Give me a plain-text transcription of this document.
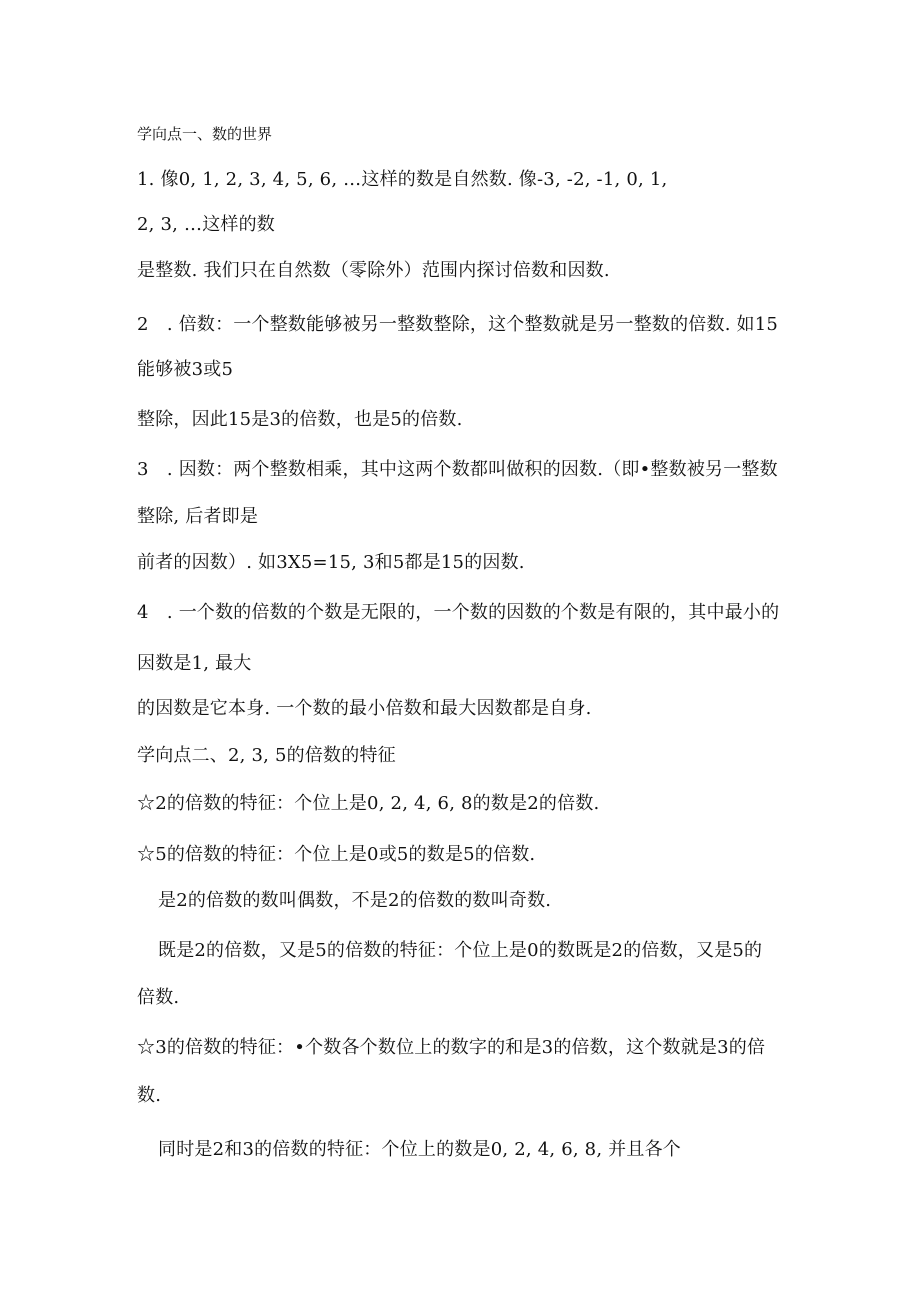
学向点一、数的世界
1. 像0, 1, 2, 3, 4, 5, 6, …这样的数是自然数. 像-3, -2, -1, 0, 1,
2, 3, …这样的数
是整数. 我们只在自然数（零除外）范围内探讨倍数和因数.
2　. 倍数：一个整数能够被另一整数整除，这个整数就是另一整数的倍数. 如15
能够被3或5
整除，因此15是3的倍数，也是5的倍数.
3　. 因数：两个整数相乘，其中这两个数都叫做积的因数.（即•整数被另一整数
整除, 后者即是
前者的因数）. 如3X5=15, 3和5都是15的因数.
4　. 一个数的倍数的个数是无限的，一个数的因数的个数是有限的，其中最小的
因数是1, 最大
的因数是它本身. 一个数的最小倍数和最大因数都是自身.
学向点二、2, 3, 5的倍数的特征
☆2的倍数的特征：个位上是0, 2, 4, 6, 8的数是2的倍数.
☆5的倍数的特征：个位上是0或5的数是5的倍数.
是2的倍数的数叫偶数，不是2的倍数的数叫奇数.
既是2的倍数，又是5的倍数的特征：个位上是0的数既是2的倍数，又是5的
倍数.
☆3的倍数的特征：•个数各个数位上的数字的和是3的倍数，这个数就是3的倍
数.
同时是2和3的倍数的特征：个位上的数是0, 2, 4, 6, 8, 并且各个
